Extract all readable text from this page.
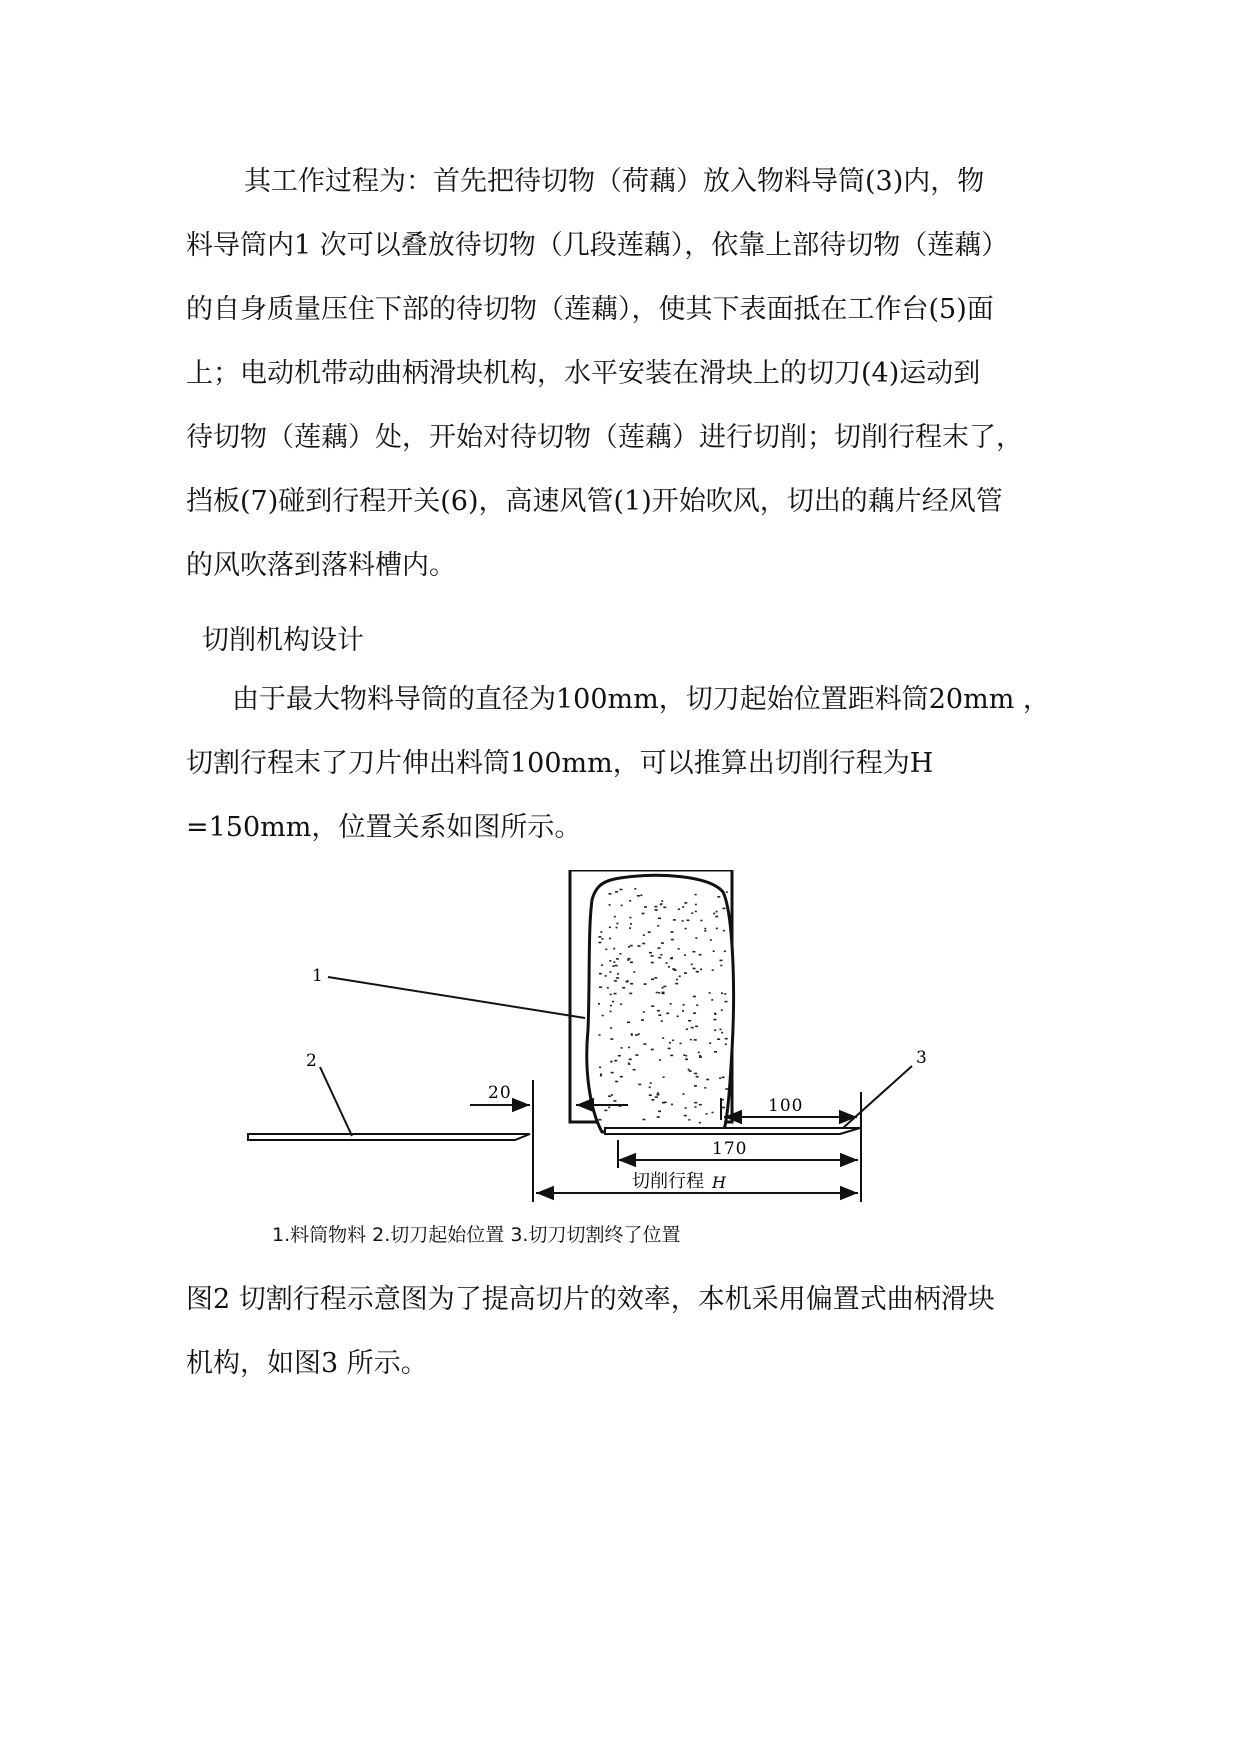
其工作过程为：首先把待切物（荷藕）放入物料导筒(3)内，物
料导筒内1 次可以叠放待切物（几段莲藕），依靠上部待切物（莲藕）
的自身质量压住下部的待切物（莲藕），使其下表面抵在工作台(5)面
上；电动机带动曲柄滑块机构，水平安装在滑块上的切刀(4)运动到
待切物（莲藕）处，开始对待切物（莲藕）进行切削；切削行程末了，
挡板(7)碰到行程开关(6)，高速风管(1)开始吹风，切出的藕片经风管
的风吹落到落料槽内。
切削机构设计
由于最大物料导筒的直径为100mm，切刀起始位置距料筒20mm ，
切割行程末了刀片伸出料筒100mm，可以推算出切削行程为H
=150mm，位置关系如图所示。
20
100
170
切削行程 H
1
2	3
1.料筒物料 2.切刀起始位置 3.切刀切割终了位置
图2 切割行程示意图为了提高切片的效率，本机采用偏置式曲柄滑块
机构，如图3 所示。
